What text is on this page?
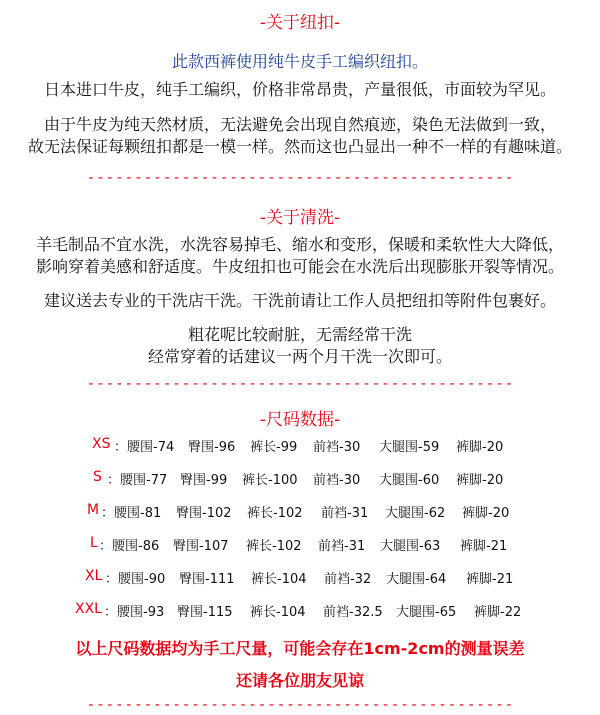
-关于纽扣-
此款西裤使用纯牛皮手工编织纽扣。
日本进口牛皮，纯手工编织，价格非常昂贵，产量很低，市面较为罕见。
由于牛皮为纯天然材质，无法避免会出现自然痕迹，染色无法做到一致，
故无法保证每颗纽扣都是一模一样。然而这也凸显出一种不一样的有趣味道。
- - - - - - - - - - - - - - - - - - - - - - - - - - - - - - - - - - - - - - - - - - - - -
-关于清洗-
羊毛制品不宜水洗，水洗容易掉毛、缩水和变形，保暖和柔软性大大降低，
影响穿着美感和舒适度。牛皮纽扣也可能会在水洗后出现膨胀开裂等情况。
建议送去专业的干洗店干洗。干洗前请让工作人员把纽扣等附件包裹好。
粗花呢比较耐脏，无需经常干洗
经常穿着的话建议一两个月干洗一次即可。
- - - - - - - - - - - - - - - - - - - - - - - - - - - - - - - - - - - - - - - - - - - - -
-尺码数据-
XS ：腰围-74 臀围-96 裤长-99 前裆-30 大腿围-59 裤脚-20
S ：腰围-77 臀围-99 裤长-100 前裆-30 大腿围-60 裤脚-20
M ：腰围-81 臀围-102 裤长-102 前裆-31 大腿围-62 裤脚-20
L ：腰围-86 臀围-107 裤长-102 前裆-31 大腿围-63 裤脚-21
XL ：腰围-90 臀围-111 裤长-104 前裆-32 大腿围-64 裤脚-21
XXL ：腰围-93 臀围-115 裤长-104 前裆-32.5 大腿围-65 裤脚-22
以上尺码数据均为手工尺量，可能会存在1cm-2cm的测量误差
还请各位朋友见谅
- - - - - - - - - - - - - - - - - - - - - - - - - - - - - - - - - - - - - - - - - - - - -
